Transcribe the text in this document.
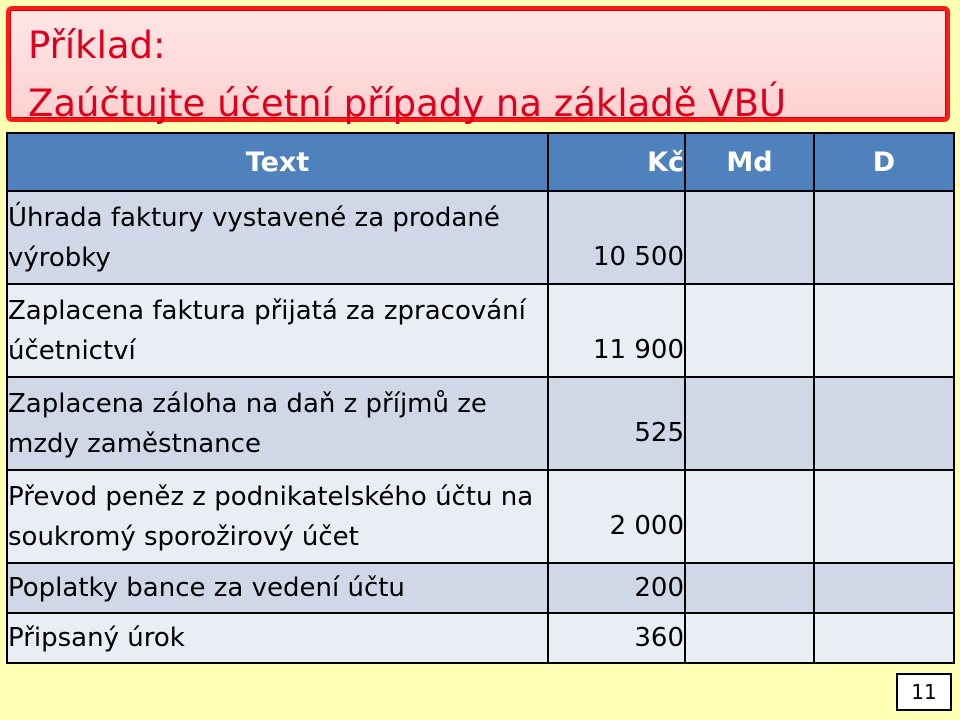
Příklad:
Zaúčtujte účetní případy na základě VBÚ
Text	Kč	Md	D
Úhrada faktury vystavené za prodané výrobky	10 500		
Zaplacena faktura přijatá za zpracování účetnictví	11 900		
Zaplacena záloha na daň z příjmů ze mzdy zaměstnance	525		
Převod peněz z podnikatelského účtu na soukromý sporožirový účet	2 000		
Poplatky bance za vedení účtu	200		
Připsaný úrok	360		
11
